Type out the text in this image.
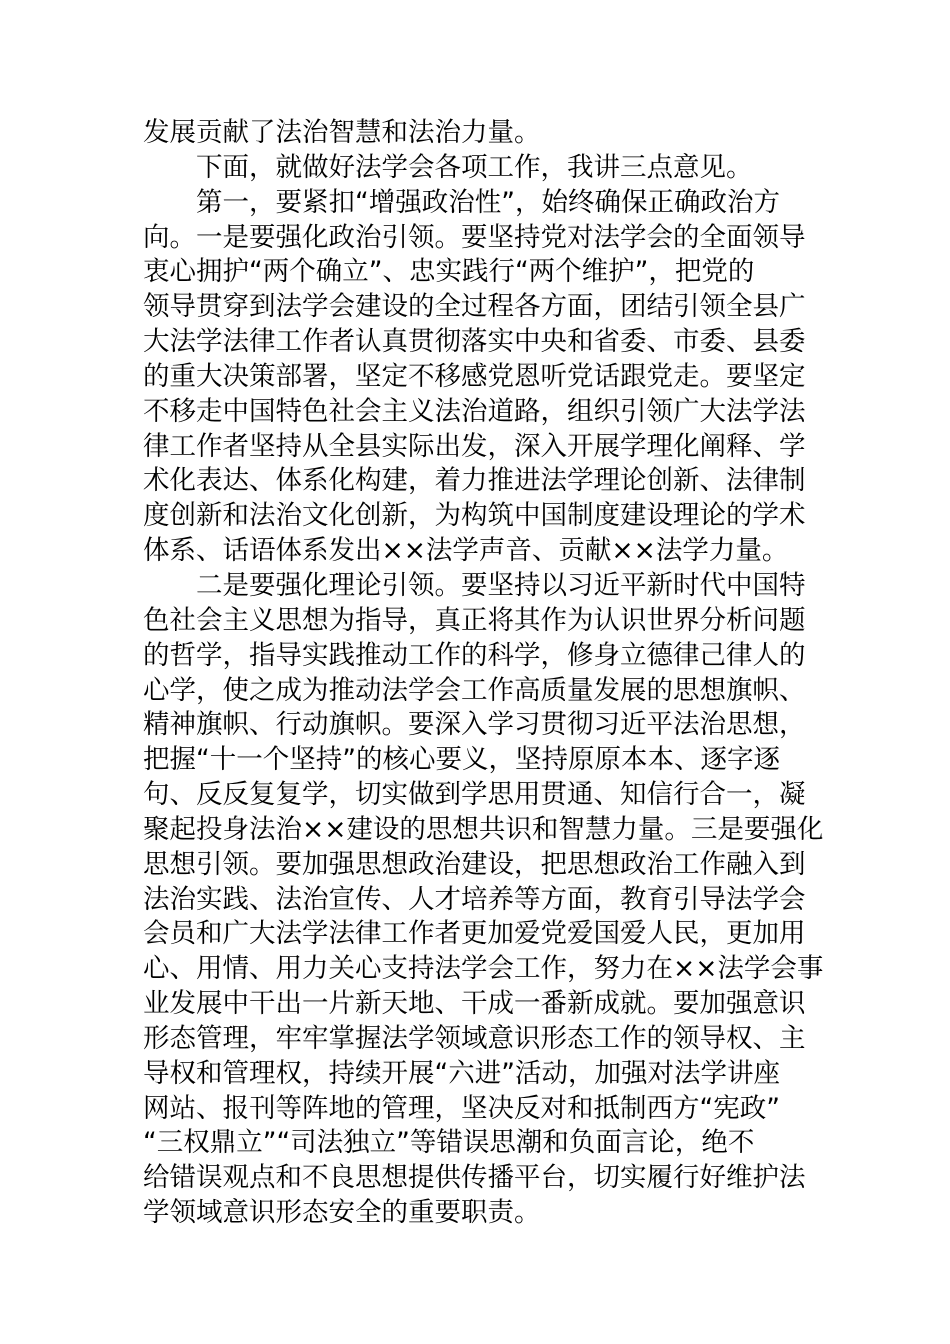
发展贡献了法治智慧和法治力量。
下面，就做好法学会各项工作，我讲三点意见。
第一，要紧扣“增强政治性”，始终确保正确政治方
向。一是要强化政治引领。要坚持党对法学会的全面领导
衷心拥护“两个确立”、忠实践行“两个维护”，把党的
领导贯穿到法学会建设的全过程各方面，团结引领全县广
大法学法律工作者认真贯彻落实中央和省委、市委、县委
的重大决策部署，坚定不移感党恩听党话跟党走。要坚定
不移走中国特色社会主义法治道路，组织引领广大法学法
律工作者坚持从全县实际出发，深入开展学理化阐释、学
术化表达、体系化构建，着力推进法学理论创新、法律制
度创新和法治文化创新，为构筑中国制度建设理论的学术
体系、话语体系发出××法学声音、贡献××法学力量。
二是要强化理论引领。要坚持以习近平新时代中国特
色社会主义思想为指导，真正将其作为认识世界分析问题
的哲学，指导实践推动工作的科学，修身立德律己律人的
心学，使之成为推动法学会工作高质量发展的思想旗帜、
精神旗帜、行动旗帜。要深入学习贯彻习近平法治思想，
把握“十一个坚持”的核心要义，坚持原原本本、逐字逐
句、反反复复学，切实做到学思用贯通、知信行合一，凝
聚起投身法治××建设的思想共识和智慧力量。三是要强化
思想引领。要加强思想政治建设，把思想政治工作融入到
法治实践、法治宣传、人才培养等方面，教育引导法学会
会员和广大法学法律工作者更加爱党爱国爱人民，更加用
心、用情、用力关心支持法学会工作，努力在××法学会事
业发展中干出一片新天地、干成一番新成就。要加强意识
形态管理，牢牢掌握法学领域意识形态工作的领导权、主
导权和管理权，持续开展“六进”活动，加强对法学讲座
网站、报刊等阵地的管理，坚决反对和抵制西方“宪政”
“三权鼎立”“司法独立”等错误思潮和负面言论，绝不
给错误观点和不良思想提供传播平台，切实履行好维护法
学领域意识形态安全的重要职责。
